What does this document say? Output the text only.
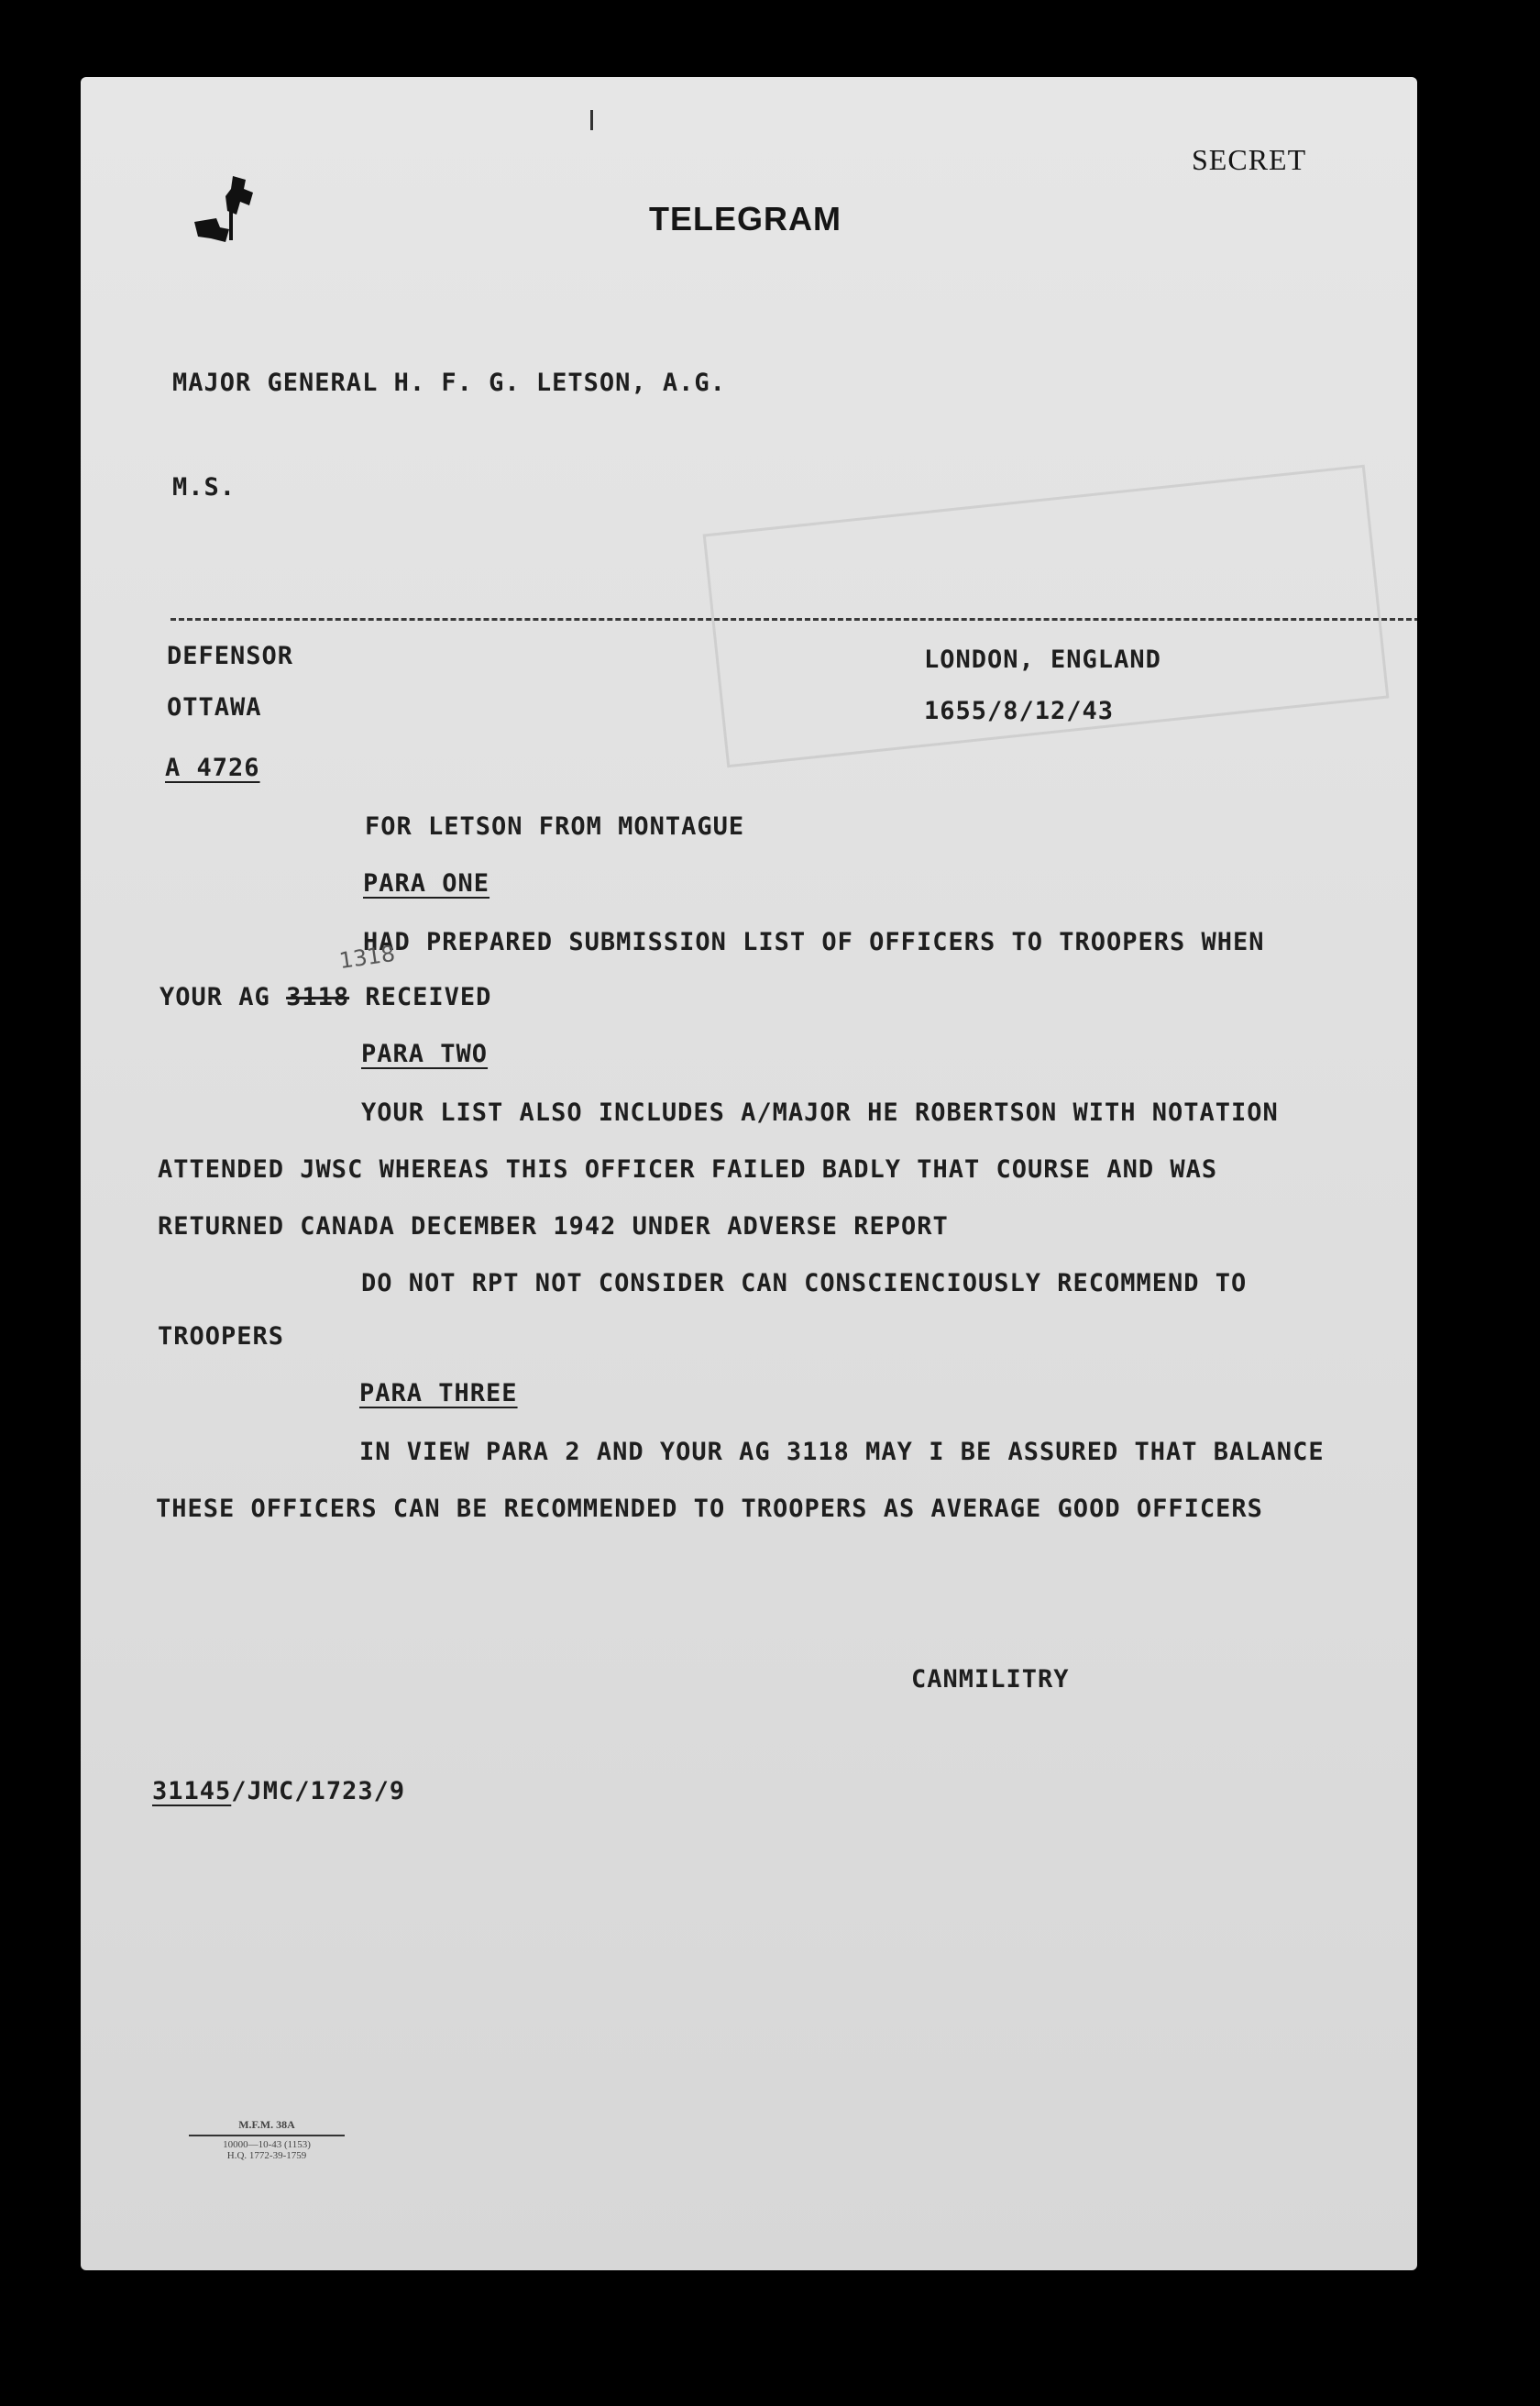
SECRET
TELEGRAM
MAJOR GENERAL H. F. G. LETSON, A.G.
M.S.
DEFENSOR
OTTAWA
A 4726
LONDON, ENGLAND
1655/8/12/43
FOR LETSON FROM MONTAGUE
PARA ONE
HAD PREPARED SUBMISSION LIST OF OFFICERS TO TROOPERS WHEN
1318
YOUR AG 3118 RECEIVED
PARA TWO
YOUR LIST ALSO INCLUDES A/MAJOR HE ROBERTSON WITH NOTATION
ATTENDED JWSC WHEREAS THIS OFFICER FAILED BADLY THAT COURSE AND WAS
RETURNED CANADA DECEMBER 1942 UNDER ADVERSE REPORT
DO NOT RPT NOT CONSIDER CAN CONSCIENCIOUSLY RECOMMEND TO
TROOPERS
PARA THREE
IN VIEW PARA 2 AND YOUR AG 3118 MAY I BE ASSURED THAT BALANCE
THESE OFFICERS CAN BE RECOMMENDED TO TROOPERS AS AVERAGE GOOD OFFICERS
CANMILITRY
31145/JMC/1723/9
M.F.M. 38A
10000—10-43 (1153)
H.Q. 1772-39-1759
